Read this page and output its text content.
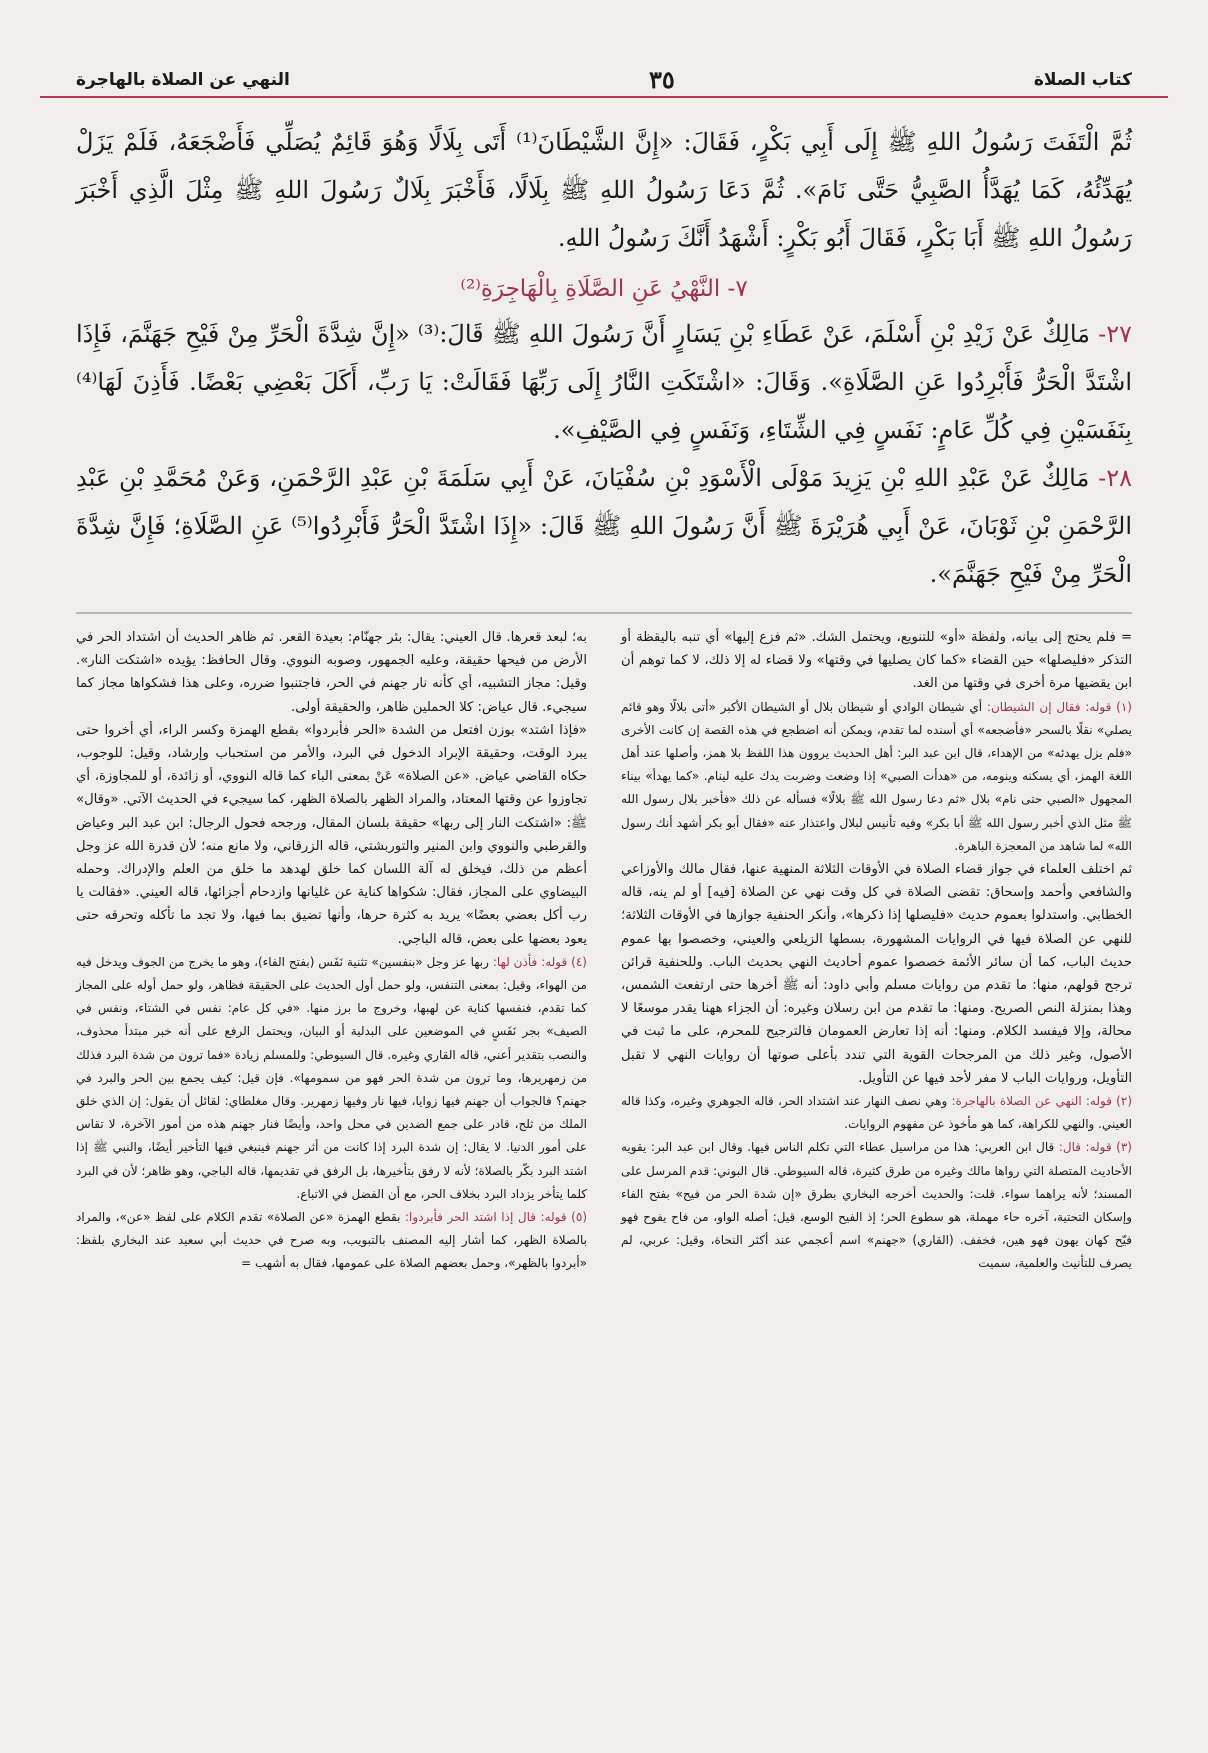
كتاب الصلاة
٣٥
النهي عن الصلاة بالهاجرة

ثُمَّ الْتَفَتَ رَسُولُ اللهِ ﷺ إِلَى أَبِي بَكْرٍ، فَقَالَ: «إِنَّ الشَّيْطَانَ⁽¹⁾ أَتَى بِلَالًا وَهُوَ قَائِمٌ يُصَلِّي فَأَضْجَعَهُ، فَلَمْ يَزَلْ يُهَدِّئُهُ، كَمَا يُهَدَّأُ الصَّبِيُّ حَتَّى نَامَ». ثُمَّ دَعَا رَسُولُ اللهِ ﷺ بِلَالًا، فَأَخْبَرَ بِلَالٌ رَسُولَ اللهِ ﷺ مِثْلَ الَّذِي أَخْبَرَ رَسُولُ اللهِ ﷺ أَبَا بَكْرٍ، فَقَالَ أَبُو بَكْرٍ: أَشْهَدُ أَنَّكَ رَسُولُ اللهِ.

٧- النَّهْيُ عَنِ الصَّلَاةِ بِالْهَاجِرَةِ⁽²⁾

٢٧- مَالِكٌ عَنْ زَيْدِ بْنِ أَسْلَمَ، عَنْ عَطَاءِ بْنِ يَسَارٍ أَنَّ رَسُولَ اللهِ ﷺ قَالَ:⁽³⁾ «إِنَّ شِدَّةَ الْحَرِّ مِنْ فَيْحِ جَهَنَّمَ، فَإِذَا اشْتَدَّ الْحَرُّ فَأَبْرِدُوا عَنِ الصَّلَاةِ». وَقَالَ: «اشْتَكَتِ النَّارُ إِلَى رَبِّهَا فَقَالَتْ: يَا رَبِّ، أَكَلَ بَعْضِي بَعْضًا. فَأَذِنَ لَهَا⁽⁴⁾ بِنَفَسَيْنِ فِي كُلِّ عَامٍ: نَفَسٍ فِي الشِّتَاءِ، وَنَفَسٍ فِي الصَّيْفِ».

٢٨- مَالِكٌ عَنْ عَبْدِ اللهِ بْنِ يَزِيدَ مَوْلَى الْأَسْوَدِ بْنِ سُفْيَانَ، عَنْ أَبِي سَلَمَةَ بْنِ عَبْدِ الرَّحْمَنِ، وَعَنْ مُحَمَّدِ بْنِ عَبْدِ الرَّحْمَنِ بْنِ ثَوْبَانَ، عَنْ أَبِي هُرَيْرَةَ ﷺ أَنَّ رَسُولَ اللهِ ﷺ قَالَ: «إِذَا اشْتَدَّ الْحَرُّ فَأَبْرِدُوا⁽⁵⁾ عَنِ الصَّلَاةِ؛ فَإِنَّ شِدَّةَ الْحَرِّ مِنْ فَيْحِ جَهَنَّمَ».

= فلم يحتج إلى بيانه، ولفظة «أو» للتنويع، ويحتمل الشك. «ثم فزع إليها» أي تنبه باليقظة أو التذكر «فليصلها» حين القضاء «كما كان يصليها في وقتها» ولا قضاء له إلا ذلك، لا كما توهم أن ابن يقضيها مرة أخرى في وقتها من الغد.

(١) قوله: فقال إن الشيطان: أي شيطان الوادي أو شيطان بلال أو الشيطان الأكبر «أتى بلالًا وهو قائم يصلي» نقلًا بالسحر «فأضجعه» أي أسنده لما تقدم، ويمكن أنه اضطجع في هذه القصة إن كانت الأخرى «فلم يزل يهدئه» من الإهداء، قال ابن عبد البر: أهل الحديث يروون هذا اللفظ بلا همز، وأصلها عند أهل اللغة الهمز، أي يسكنه وينومه، من «هدأت الصبي» إذا وضعت وضربت يدك عليه لينام. «كما يهدأ» بيناء المجهول «الصبي حتى نام» بلال «ثم دعا رسول الله ﷺ بلالًا» فسأله عن ذلك «فأخبر بلال رسول الله ﷺ مثل الذي أخبر رسول الله ﷺ أبا بكر» وفيه تأنيس لبلال واعتذار عنه «فقال أبو بكر أشهد أنك رسول الله» لما شاهد من المعجزة الباهرة.

ثم اختلف العلماء في جواز قضاء الصلاة في الأوقات الثلاثة المنهية عنها، فقال مالك والأوزاعي والشافعي وأحمد وإسحاق: تقضى الصلاة في كل وقت نهي عن الصلاة [فيه] أو لم ينه، قاله الخطابي. واستدلوا بعموم حديث «فليصلها إذا ذكرها»، وأنكر الحنفية جوازها في الأوقات الثلاثة؛ للنهي عن الصلاة فيها في الروايات المشهورة، بسطها الزيلعي والعيني، وخصصوا بها عموم حديث الباب، كما أن سائر الأئمة خصصوا عموم أحاديث النهي بحديث الباب. وللحنفية قرائن ترجح قولهم، منها: ما تقدم من روايات مسلم وأبي داود: أنه ﷺ أخرها حتى ارتفعت الشمس، وهذا بمنزلة النص الصريح. ومنها: ما تقدم من ابن رسلان وغيره: أن الجزاء ههنا يقدر موسعًا لا محالة، وإلا فيفسد الكلام. ومنها: أنه إذا تعارض العمومان فالترجيح للمحرم، على ما ثبت في الأصول، وغير ذلك من المرجحات القوية التي تندد بأعلى صوتها أن روايات النهي لا تقبل التأويل، وروايات الباب لا مفر لأحد فيها عن التأويل.

(٢) قوله: النهي عن الصلاة بالهاجرة: وهي نصف النهار عند اشتداد الحر، قاله الجوهري وغيره، وكذا قاله العيني. والنهي للكراهة، كما هو مأخوذ عن مفهوم الروايات.

(٣) قوله: قال: قال ابن العربي: هذا من مراسيل عطاء التي تكلم الناس فيها. وقال ابن عبد البر: يقويه الأحاديث المتصلة التي رواها مالك وغيره من طرق كثيرة، قاله السيوطي. قال البوني: قدم المرسل على المسند؛ لأنه يراهما سواء. قلت: والحديث أخرجه البخاري بطرق «إن شدة الحر من فيح» بفتح الفاء وإسكان التحتية، آخره حاء مهملة، هو سطوع الحر؛ إذ الفيح الوسع، قيل: أصله الواو، من فاح يفوح فهو فيّح كهان يهون فهو هين، فخفف. (القاري) «جهنم» اسم أعجمي عند أكثر النحاة، وقيل: عربي، لم يصرف للتأنيث والعلمية، سميت

به؛ لبعد قعرها. قال العيني: يقال: بئر جهنّام: بعيدة القعر. ثم ظاهر الحديث أن اشتداد الحر في الأرض من فيحها حقيقة، وعليه الجمهور، وصوبه النووي. وقال الحافظ: يؤيده «اشتكت النار». وقيل: مجاز التشبيه، أي كأنه نار جهنم في الحر، فاجتنبوا ضرره، وعلى هذا فشكواها مجاز كما سيجيء. قال عياض: كلا الحملين ظاهر، والحقيقة أولى.

«فإذا اشتد» بوزن افتعل من الشدة «الحر فأبردوا» بقطع الهمزة وكسر الراء، أي أخروا حتى يبرد الوقت، وحقيقة الإبراد الدخول في البرد، والأمر من استحباب وإرشاد، وقيل: للوجوب، حكاه القاضي عياض. «عن الصلاة» عَنْ بمعنى الباء كما قاله النووي، أو زائدة، أو للمجاوزة، أي تجاوزوا عن وقتها المعتاد، والمراد الظهر بالصلاة الظهر، كما سيجيء في الحديث الآتي. «وقال» ﷺ: «اشتكت النار إلى ربها» حقيقة بلسان المقال، ورجحه فحول الرجال: ابن عبد البر وعياض والقرطبي والنووي وابن المنير والتوربشتي، قاله الزرقاني، ولا مانع منه؛ لأن قدرة الله عز وجل أعظم من ذلك، فيخلق له آلة اللسان كما خلق لهدهد ما خلق من العلم والإدراك. وحمله البيضاوي على المجاز، فقال: شكواها كناية عن غليانها وازدحام أجزائها، قاله العيني. «فقالت يا رب أكل بعضي بعضًا» يريد به كثرة حرها، وأنها تضيق بما فيها، ولا تجد ما تأكله وتحرقه حتى يعود بعضها على بعض، قاله الباجي.

(٤) قوله: فأذن لها: ربها عز وجل «بنفسين» تثنية نَفَس (بفتح الفاء)، وهو ما يخرج من الجوف ويدخل فيه من الهواء، وقيل: بمعنى التنفس، ولو حمل أول الحديث على الحقيقة فظاهر، ولو حمل أوله على المجاز كما تقدم، فنفسها كناية عن لهبها، وخروج ما برز منها. «في كل عام: نفس في الشتاء، ونفس في الصيف» بجر نَفَسٍ في الموضعين على البدلية أو البيان، ويحتمل الرفع على أنه خبر مبتدأ محذوف، والنصب بتقدير أعني، قاله القاري وغيره. قال السيوطي: وللمسلم زيادة «فما ترون من شدة البرد فذلك من زمهريرها، وما ترون من شدة الحر فهو من سمومها». فإن قيل: كيف يجمع بين الحر والبرد في جهنم؟ فالجواب أن جهنم فيها زوايا، فيها نار وفيها زمهرير. وقال مغلطاي: لقائل أن يقول: إن الذي خلق الملك من ثلج، قادر على جمع الضدين في محل واحد، وأيضًا فنار جهنم هذه من أمور الآخرة، لا تقاس على أمور الدنيا. لا يقال: إن شدة البرد إذا كانت من أثر جهنم فينبغي فيها التأخير أيضًا، والنبي ﷺ إذا اشتد البرد بكّر بالصلاة؛ لأنه لا رفق بتأخيرها، بل الرفق في تقديمها، قاله الباجي، وهو ظاهر؛ لأن في البرد كلما يتأخر يزداد البرد بخلاف الحر، مع أن الفضل في الاتباع.

(٥) قوله: قال إذا اشتد الحر فأبردوا: بقطع الهمزة «عن الصلاة» تقدم الكلام على لفظ «عن»، والمراد بالصلاة الظهر، كما أشار إليه المصنف بالتبويب، وبه صرح في حديث أبي سعيد عند البخاري بلفظ: «أبردوا بالظهر»، وحمل بعضهم الصلاة على عمومها، فقال به أشهب =
